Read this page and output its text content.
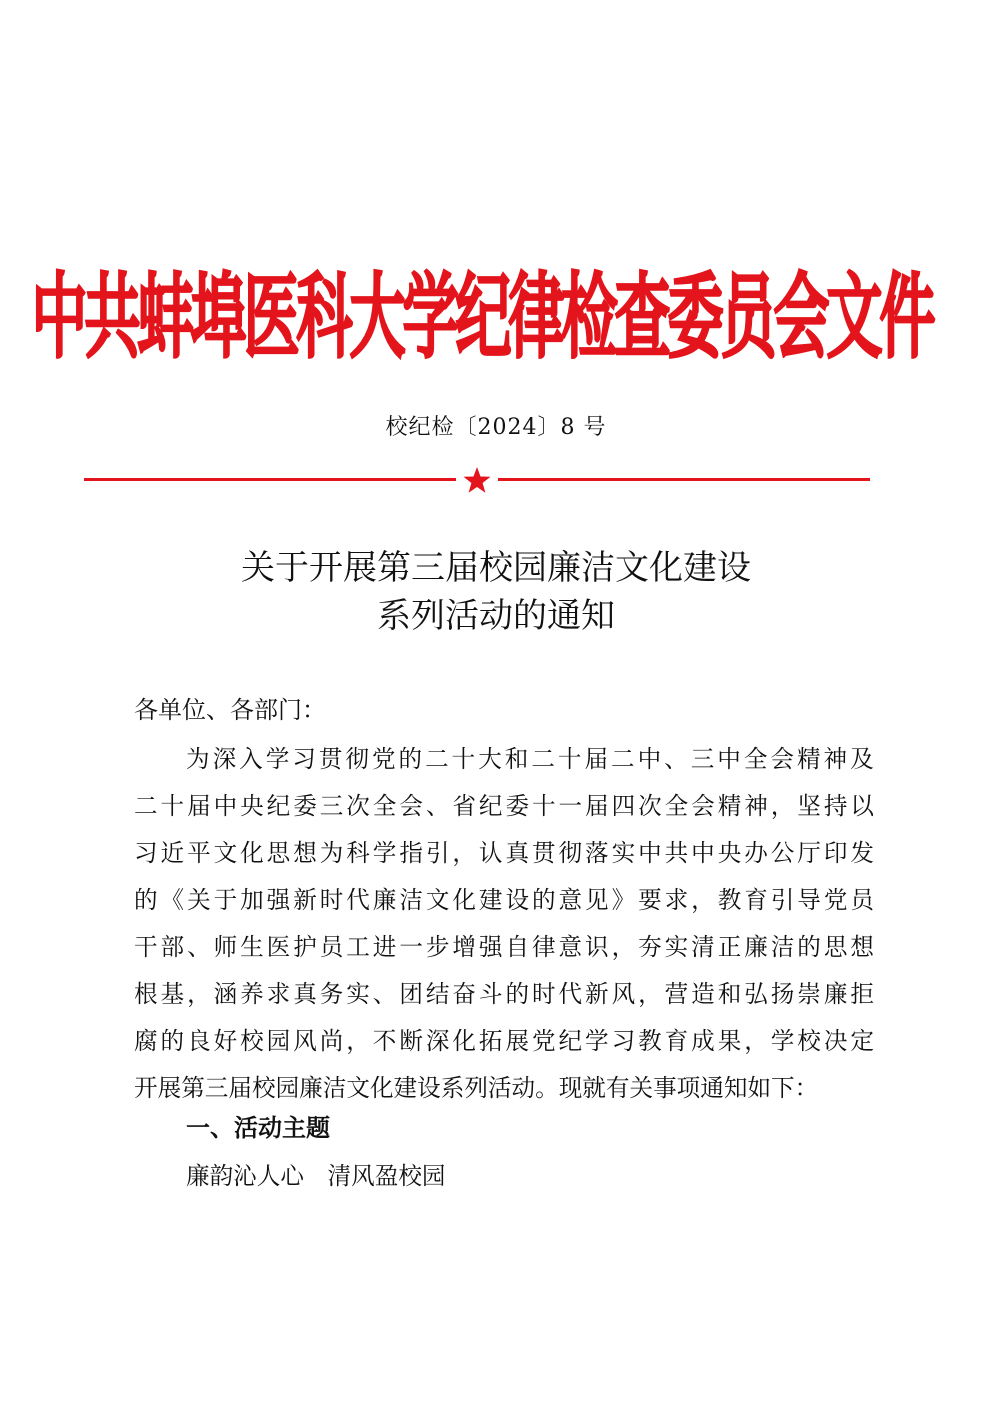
中共蚌埠医科大学纪律检查委员会文件
校纪检〔2024〕8 号
关于开展第三届校园廉洁文化建设
系列活动的通知
各单位、各部门：
为 深 入 学 习 贯 彻 党 的 二 十 大 和 二 十 届 二 中 、 三 中 全 会 精 神 及
二 十 届 中 央 纪 委 三 次 全 会 、 省 纪 委 十 一 届 四 次 全 会 精 神 ， 坚 持 以
习 近 平 文 化 思 想 为 科 学 指 引 ， 认 真 贯 彻 落 实 中 共 中 央 办 公 厅 印 发
的 《 关 于 加 强 新 时 代 廉 洁 文 化 建 设 的 意 见 》 要 求 ， 教 育 引 导 党 员
干 部 、 师 生 医 护 员 工 进 一 步 增 强 自 律 意 识 ， 夯 实 清 正 廉 洁 的 思 想
根 基 ， 涵 养 求 真 务 实 、 团 结 奋 斗 的 时 代 新 风 ， 营 造 和 弘 扬 崇 廉 拒
腐 的 良 好 校 园 风 尚 ， 不 断 深 化 拓 展 党 纪 学 习 教 育 成 果 ， 学 校 决 定
开 展 第 三 届 校 园 廉 洁 文 化 建 设 系 列 活 动 。 现 就 有 关 事 项 通 知 如 下 ：
一、活动主题
廉韵沁人心　清风盈校园
